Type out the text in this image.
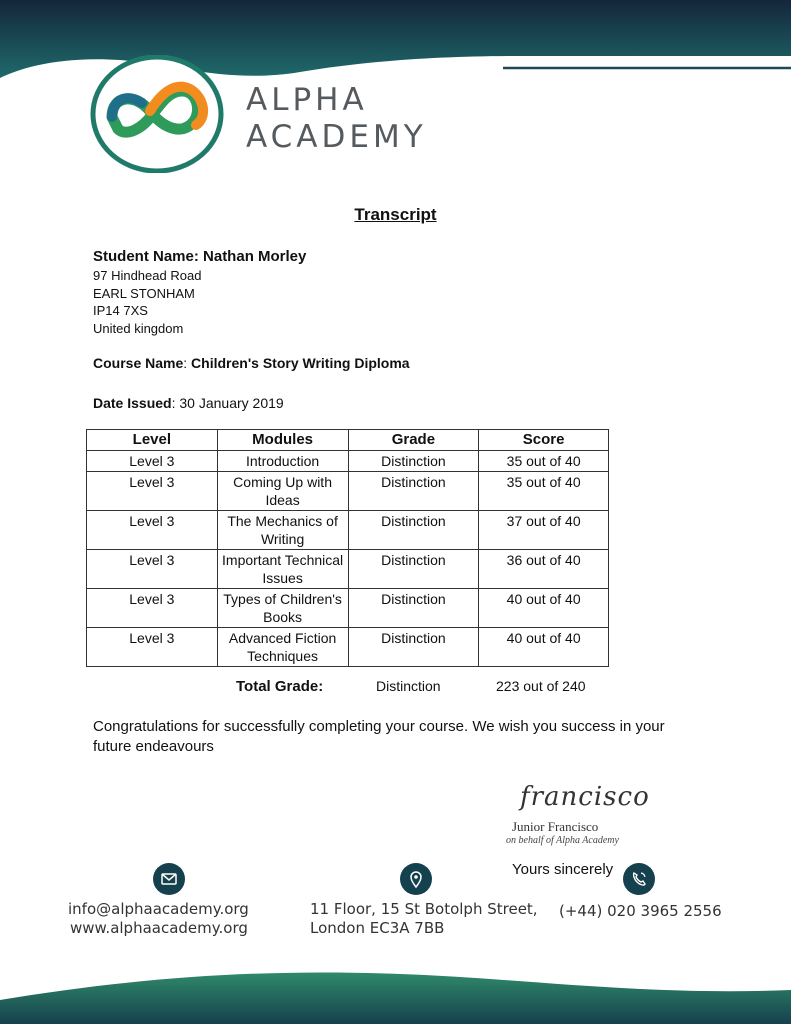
ALPHA
ACADEMY
Transcript
Student Name: Nathan Morley
97 Hindhead Road
EARL STONHAM
IP14 7XS
United kingdom
Course Name: Children's Story Writing Diploma
Date Issued: 30 January 2019
Level	Modules	Grade	Score
Level 3	Introduction	Distinction	35 out of 40
Level 3	Coming Up with Ideas	Distinction	35 out of 40
Level 3	The Mechanics of Writing	Distinction	37 out of 40
Level 3	Important Technical Issues	Distinction	36 out of 40
Level 3	Types of Children's Books	Distinction	40 out of 40
Level 3	Advanced Fiction Techniques	Distinction	40 out of 40
Total Grade:	Distinction	223 out of 240
Congratulations for successfully completing your course. We wish you success in your future endeavours
francisco
Junior Francisco
on behalf of Alpha Academy
Yours sincerely
info@alphaacademy.org
www.alphaacademy.org
11 Floor, 15 St Botolph Street,
London EC3A 7BB
(+44) 020 3965 2556
